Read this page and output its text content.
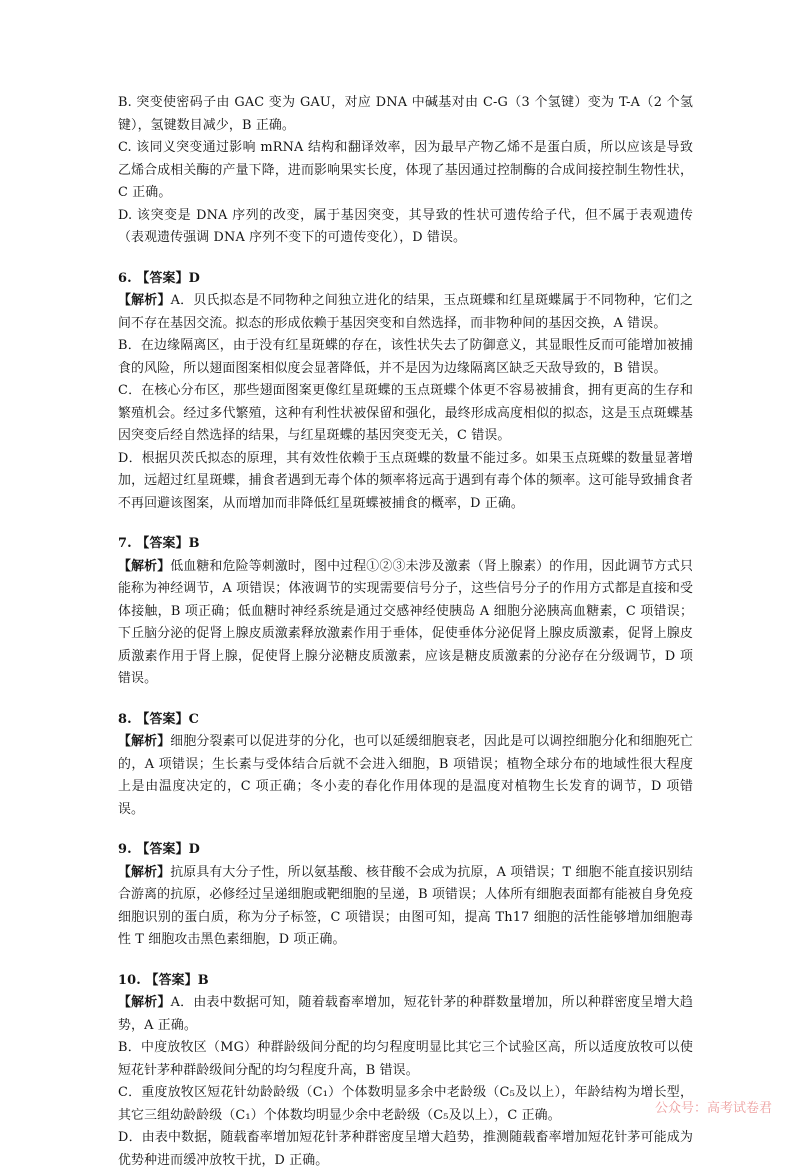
B. 突变使密码子由 GAC 变为 GAU，对应 DNA 中碱基对由 C-G（3 个氢键）变为 T-A（2 个氢键），氢键数目减少，B 正确。

C. 该同义突变通过影响 mRNA 结构和翻译效率，因为最早产物乙烯不是蛋白质，所以应该是导致乙烯合成相关酶的产量下降，进而影响果实长度，体现了基因通过控制酶的合成间接控制生物性状，C 正确。

D. 该突变是 DNA 序列的改变，属于基因突变，其导致的性状可遗传给子代，但不属于表观遗传（表观遗传强调 DNA 序列不变下的可遗传变化），D 错误。

6. 【答案】D

【解析】A．贝氏拟态是不同物种之间独立进化的结果，玉点斑蝶和红星斑蝶属于不同物种，它们之间不存在基因交流。拟态的形成依赖于基因突变和自然选择，而非物种间的基因交换，A 错误。

B．在边缘隔离区，由于没有红星斑蝶的存在，该性状失去了防御意义，其显眼性反而可能增加被捕食的风险，所以翅面图案相似度会显著降低，并不是因为边缘隔离区缺乏天敌导致的，B 错误。

C．在核心分布区，那些翅面图案更像红星斑蝶的玉点斑蝶个体更不容易被捕食，拥有更高的生存和繁殖机会。经过多代繁殖，这种有利性状被保留和强化，最终形成高度相似的拟态，这是玉点斑蝶基因突变后经自然选择的结果，与红星斑蝶的基因突变无关，C 错误。

D．根据贝茨氏拟态的原理，其有效性依赖于玉点斑蝶的数量不能过多。如果玉点斑蝶的数量显著增加，远超过红星斑蝶，捕食者遇到无毒个体的频率将远高于遇到有毒个体的频率。这可能导致捕食者不再回避该图案，从而增加而非降低红星斑蝶被捕食的概率，D 正确。

7. 【答案】B

【解析】低血糖和危险等刺激时，图中过程①②③未涉及激素（肾上腺素）的作用，因此调节方式只能称为神经调节，A 项错误；体液调节的实现需要信号分子，这些信号分子的作用方式都是直接和受体接触，B 项正确；低血糖时神经系统是通过交感神经使胰岛 A 细胞分泌胰高血糖素，C 项错误；下丘脑分泌的促肾上腺皮质激素释放激素作用于垂体，促使垂体分泌促肾上腺皮质激素，促肾上腺皮质激素作用于肾上腺，促使肾上腺分泌糖皮质激素，应该是糖皮质激素的分泌存在分级调节，D 项错误。

8. 【答案】C

【解析】细胞分裂素可以促进芽的分化，也可以延缓细胞衰老，因此是可以调控细胞分化和细胞死亡的，A 项错误；生长素与受体结合后就不会进入细胞，B 项错误；植物全球分布的地域性很大程度上是由温度决定的，C 项正确；冬小麦的春化作用体现的是温度对植物生长发育的调节，D 项错误。

9. 【答案】D

【解析】抗原具有大分子性，所以氨基酸、核苷酸不会成为抗原，A 项错误；T 细胞不能直接识别结合游离的抗原，必修经过呈递细胞或靶细胞的呈递，B 项错误；人体所有细胞表面都有能被自身免疫细胞识别的蛋白质，称为分子标签，C 项错误；由图可知，提高 Th17 细胞的活性能够增加细胞毒性 T 细胞攻击黑色素细胞，D 项正确。

10. 【答案】B

【解析】A．由表中数据可知，随着载畜率增加，短花针茅的种群数量增加，所以种群密度呈增大趋势，A 正确。

B．中度放牧区（MG）种群龄级间分配的均匀程度明显比其它三个试验区高，所以适度放牧可以使短花针茅种群龄级间分配的均匀程度升高，B 错误。

C．重度放牧区短花针幼龄龄级（C₁）个体数明显多余中老龄级（C₅及以上），年龄结构为增长型，其它三组幼龄龄级（C₁）个体数均明显少余中老龄级（C₅及以上），C 正确。

D．由表中数据，随载畜率增加短花针茅种群密度呈增大趋势，推测随载畜率增加短花针茅可能成为优势种进而缓冲放牧干扰，D 正确。

公众号：高考试卷君
